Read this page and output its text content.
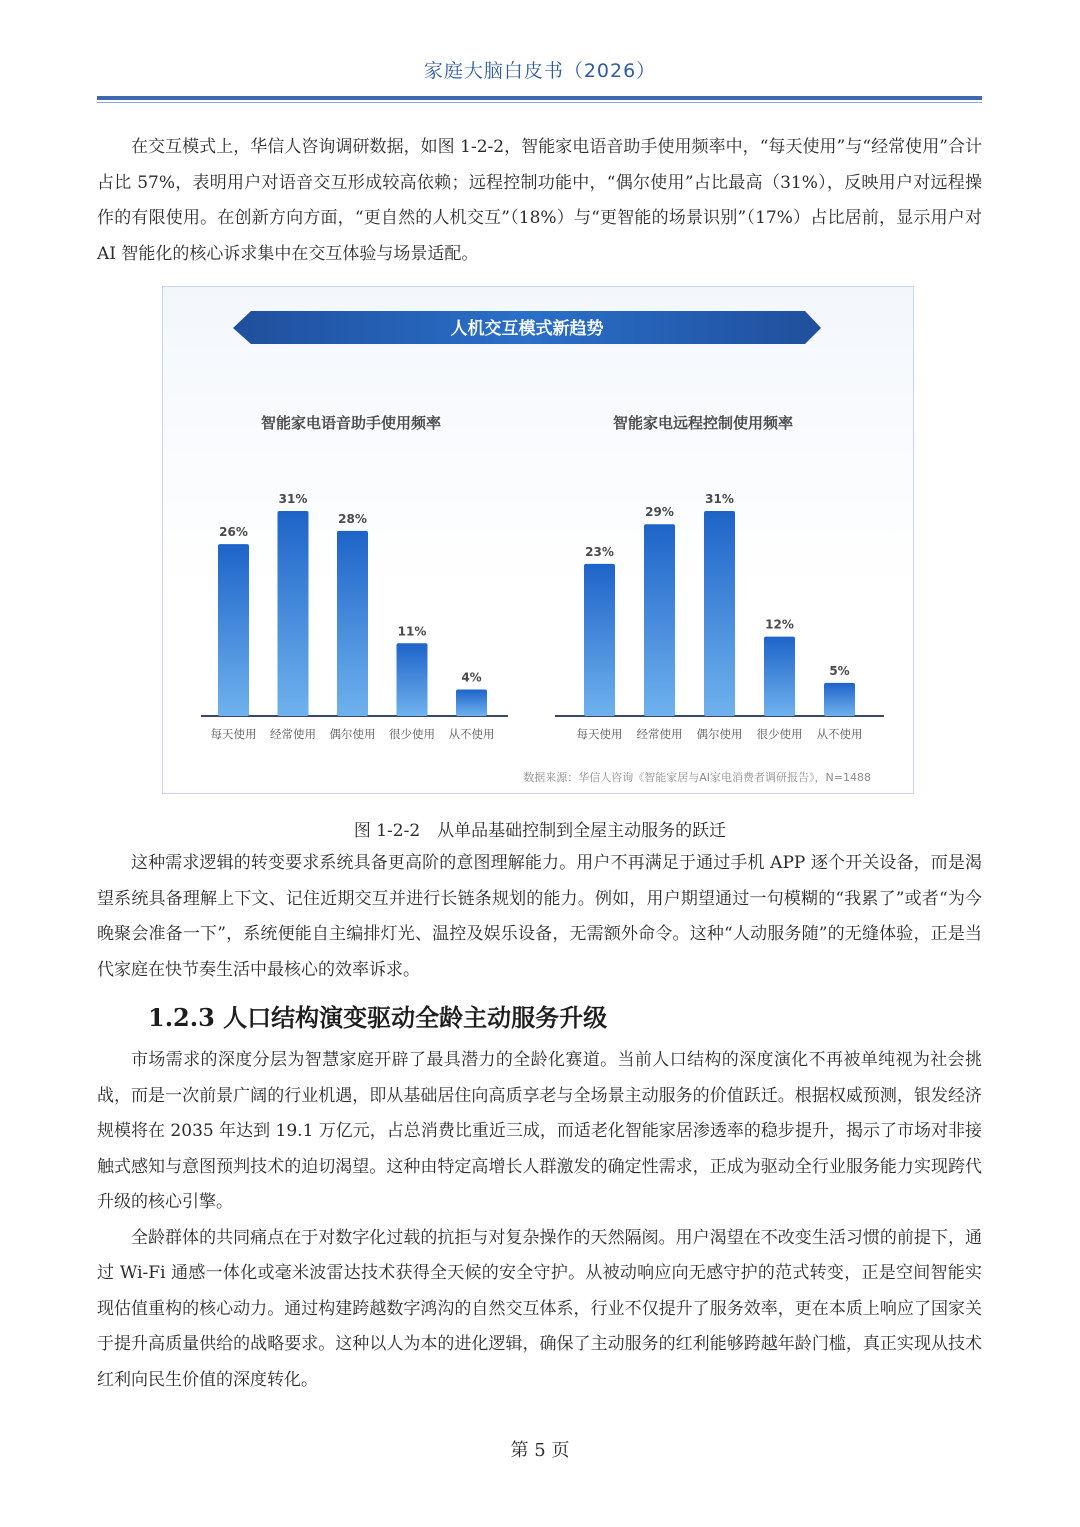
家庭大脑白皮书（2026）

在交互模式上，华信人咨询调研数据，如图 1-2-2，智能家电语音助手使用频率中，“每天使用”与“经常使用”合计占比 57%，表明用户对语音交互形成较高依赖；远程控制功能中，“偶尔使用”占比最高（31%），反映用户对远程操作的有限使用。在创新方向方面，“更自然的人机交互”（18%）与“更智能的场景识别”（17%）占比居前，显示用户对 AI 智能化的核心诉求集中在交互体验与场景适配。

人机交互模式新趋势
智能家电语音助手使用频率
26%
每天使用
31%
经常使用
28%
偶尔使用
11%
很少使用
4%
从不使用
智能家电远程控制使用频率
23%
每天使用
29%
经常使用
31%
偶尔使用
12%
很少使用
5%
从不使用
数据来源：华信人咨询《智能家居与AI家电消费者调研报告》，N=1488
图 1-2-2　从单品基础控制到全屋主动服务的跃迁

这种需求逻辑的转变要求系统具备更高阶的意图理解能力。用户不再满足于通过手机 APP 逐个开关设备，而是渴望系统具备理解上下文、记住近期交互并进行长链条规划的能力。例如，用户期望通过一句模糊的“我累了”或者“为今晚聚会准备一下”，系统便能自主编排灯光、温控及娱乐设备，无需额外命令。这种“人动服务随”的无缝体验，正是当代家庭在快节奏生活中最核心的效率诉求。

1.2.3 人口结构演变驱动全龄主动服务升级

市场需求的深度分层为智慧家庭开辟了最具潜力的全龄化赛道。当前人口结构的深度演化不再被单纯视为社会挑战，而是一次前景广阔的行业机遇，即从基础居住向高质享老与全场景主动服务的价值跃迁。根据权威预测，银发经济规模将在 2035 年达到 19.1 万亿元，占总消费比重近三成，而适老化智能家居渗透率的稳步提升，揭示了市场对非接触式感知与意图预判技术的迫切渴望。这种由特定高增长人群激发的确定性需求，正成为驱动全行业服务能力实现跨代升级的核心引擎。

全龄群体的共同痛点在于对数字化过载的抗拒与对复杂操作的天然隔阂。用户渴望在不改变生活习惯的前提下，通过 Wi-Fi 通感一体化或毫米波雷达技术获得全天候的安全守护。从被动响应向无感守护的范式转变，正是空间智能实现估值重构的核心动力。通过构建跨越数字鸿沟的自然交互体系，行业不仅提升了服务效率，更在本质上响应了国家关于提升高质量供给的战略要求。这种以人为本的进化逻辑，确保了主动服务的红利能够跨越年龄门槛，真正实现从技术红利向民生价值的深度转化。

第 5 页
